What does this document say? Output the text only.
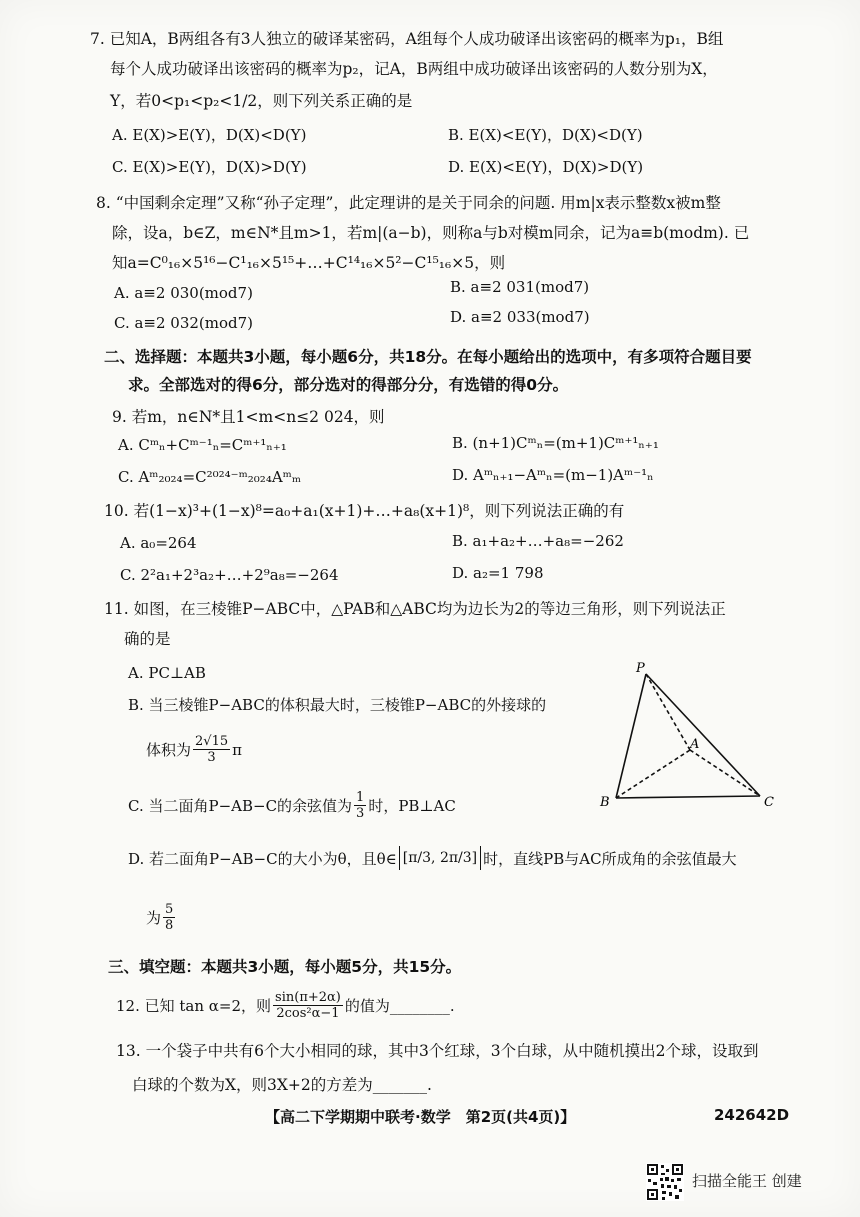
7. 已知A，B两组各有3人独立的破译某密码，A组每个人成功破译出该密码的概率为p₁，B组
每个人成功破译出该密码的概率为p₂，记A，B两组中成功破译出该密码的人数分别为X，
Y，若0<p₁<p₂<1/2，则下列关系正确的是
A. E(X)>E(Y)，D(X)<D(Y)	B. E(X)<E(Y)，D(X)<D(Y)
C. E(X)>E(Y)，D(X)>D(Y)	D. E(X)<E(Y)，D(X)>D(Y)
8. “中国剩余定理”又称“孙子定理”，此定理讲的是关于同余的问题. 用m|x表示整数x被m整
除，设a，b∈Z，m∈N*且m>1，若m|(a−b)，则称a与b对模m同余，记为a≡b(modm). 已
知a=C⁰₁₆×5¹⁶−C¹₁₆×5¹⁵+…+C¹⁴₁₆×5²−C¹⁵₁₆×5，则
A. a≡2 030(mod7)	B. a≡2 031(mod7)
C. a≡2 032(mod7)	D. a≡2 033(mod7)
二、选择题：本题共3小题，每小题6分，共18分。在每小题给出的选项中，有多项符合题目要
求。全部选对的得6分，部分选对的得部分分，有选错的得0分。
9. 若m，n∈N*且1<m<n≤2 024，则
A. Cᵐₙ+Cᵐ⁻¹ₙ=Cᵐ⁺¹ₙ₊₁	B. (n+1)Cᵐₙ=(m+1)Cᵐ⁺¹ₙ₊₁
C. Aᵐ₂₀₂₄=C²⁰²⁴⁻ᵐ₂₀₂₄Aᵐₘ	D. Aᵐₙ₊₁−Aᵐₙ=(m−1)Aᵐ⁻¹ₙ
10. 若(1−x)³+(1−x)⁸=a₀+a₁(x+1)+…+a₈(x+1)⁸，则下列说法正确的有
A. a₀=264	B. a₁+a₂+…+a₈=−262
C. 2²a₁+2³a₂+…+2⁹a₈=−264	D. a₂=1 798
11. 如图，在三棱锥P−ABC中，△PAB和△ABC均为边长为2的等边三角形，则下列说法正
确的是
A. PC⊥AB
B. 当三棱锥P−ABC的体积最大时，三棱锥P−ABC的外接球的
体积为 $\frac{2√15}{3}$ π
C. 当二面角P−AB−C的余弦值为 $\frac{1}{3}$ 时，PB⊥AC
D. 若二面角P−AB−C的大小为θ，且θ∈ [π/3, 2π/3] 时，直线PB与AC所成角的余弦值最大
为 $\frac{5}{8}$
P
A
B	C
三、填空题：本题共3小题，每小题5分，共15分。
12. 已知 tan α=2，则 $\frac{\sin(\pi+2\alpha)}{\text{2cos²α−1}}$ 的值为________.
13. 一个袋子中共有6个大小相同的球，其中3个红球，3个白球，从中随机摸出2个球，设取到
白球的个数为X，则3X+2的方差为_______.
【高二下学期期中联考·数学　第2页(共4页)】	242642D
扫描全能王 创建
